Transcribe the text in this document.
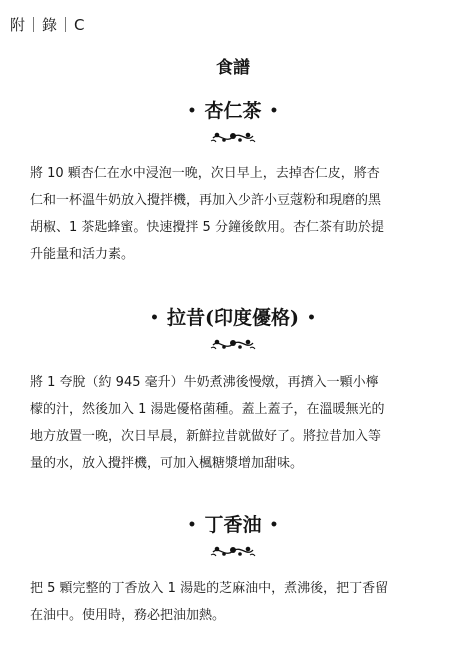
附｜錄｜C
食譜
• 杏仁茶 •
將 10 顆杏仁在水中浸泡一晚，次日早上，去掉杏仁皮，將杏
仁和一杯溫牛奶放入攪拌機，再加入少許小豆蔻粉和現磨的黑
胡椒、1 茶匙蜂蜜。快速攪拌 5 分鐘後飲用。杏仁茶有助於提
升能量和活力素。
• 拉昔(印度優格) •
將 1 夸脫（約 945 毫升）牛奶煮沸後慢燉，再擠入一顆小檸
檬的汁，然後加入 1 湯匙優格菌種。蓋上蓋子，在溫暖無光的
地方放置一晚，次日早晨，新鮮拉昔就做好了。將拉昔加入等
量的水，放入攪拌機，可加入楓糖漿增加甜味。
• 丁香油 •
把 5 顆完整的丁香放入 1 湯匙的芝麻油中，煮沸後，把丁香留
在油中。使用時，務必把油加熱。
